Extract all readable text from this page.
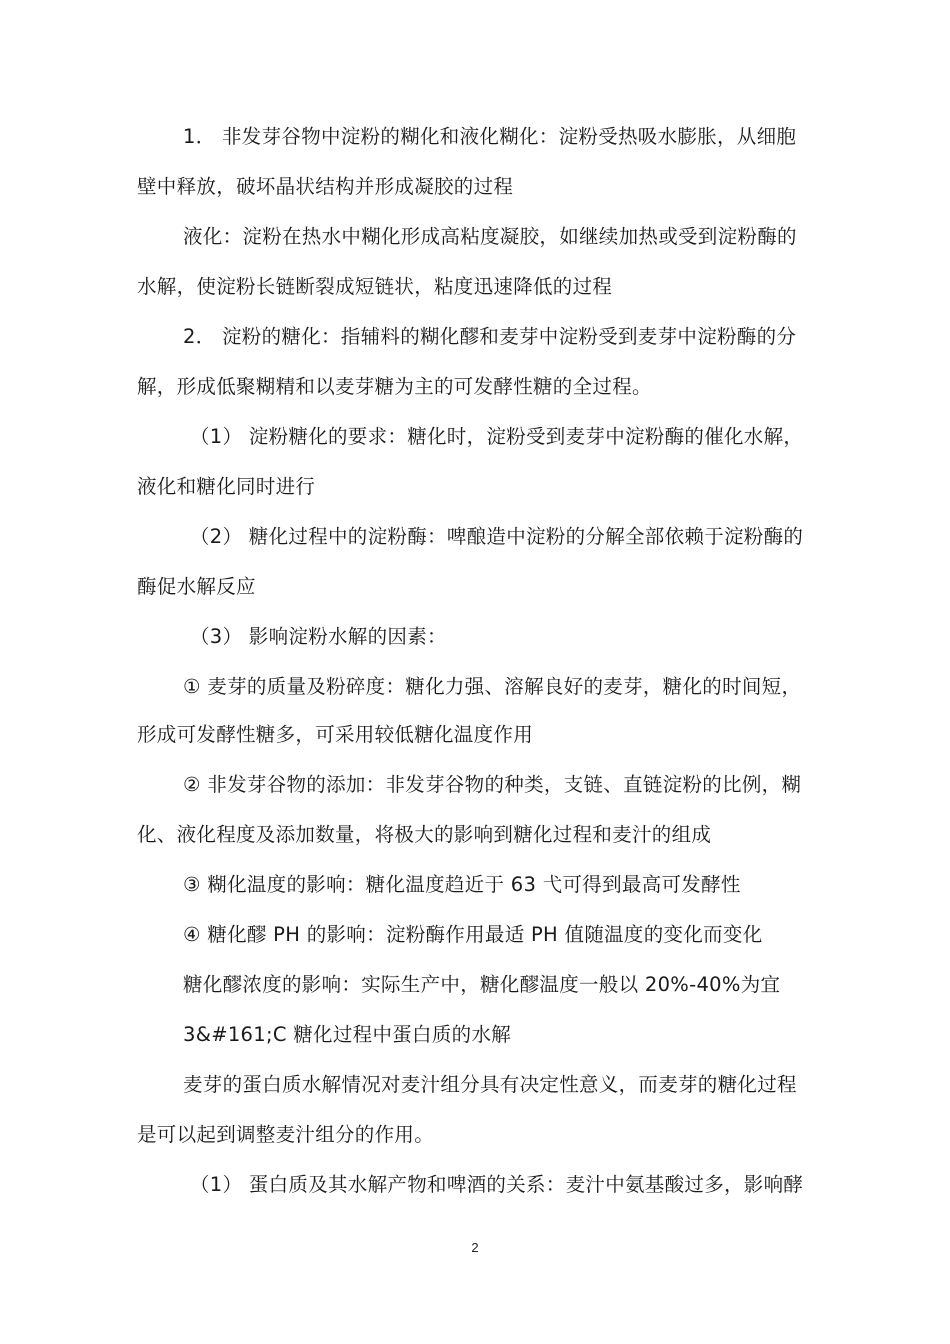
1． 非发芽谷物中淀粉的糊化和液化糊化：淀粉受热吸水膨胀，从细胞
壁中释放，破坏晶状结构并形成凝胶的过程
液化：淀粉在热水中糊化形成高粘度凝胶，如继续加热或受到淀粉酶的
水解，使淀粉长链断裂成短链状，粘度迅速降低的过程
2． 淀粉的糖化：指辅料的糊化醪和麦芽中淀粉受到麦芽中淀粉酶的分
解，形成低聚糊精和以麦芽糖为主的可发酵性糖的全过程。
（1） 淀粉糖化的要求：糖化时，淀粉受到麦芽中淀粉酶的催化水解，
液化和糖化同时进行
（2） 糖化过程中的淀粉酶：啤酿造中淀粉的分解全部依赖于淀粉酶的
酶促水解反应
（3） 影响淀粉水解的因素：
① 麦芽的质量及粉碎度：糖化力强、溶解良好的麦芽，糖化的时间短，
形成可发酵性糖多，可采用较低糖化温度作用
② 非发芽谷物的添加：非发芽谷物的种类，支链、直链淀粉的比例，糊
化、液化程度及添加数量，将极大的影响到糖化过程和麦汁的组成
③ 糊化温度的影响：糖化温度趋近于 63 弋可得到最高可发酵性
④ 糖化醪 PH 的影响：淀粉酶作用最适 PH 值随温度的变化而变化
糖化醪浓度的影响：实际生产中，糖化醪温度一般以 20%-40%为宜
3&#161;C 糖化过程中蛋白质的水解
麦芽的蛋白质水解情况对麦汁组分具有决定性意义，而麦芽的糖化过程
是可以起到调整麦汁组分的作用。
（1） 蛋白质及其水解产物和啤酒的关系：麦汁中氨基酸过多，影响酵
2
